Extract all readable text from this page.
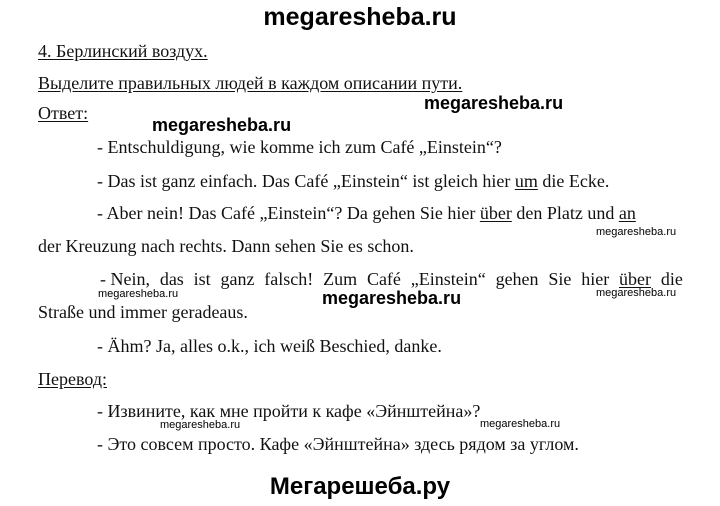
megaresheba.ru
4. Берлинский воздух.
Выделите правильных людей в каждом описании пути.
megaresheba.ru
Ответ:
megaresheba.ru
- Entschuldigung, wie komme ich zum Café „Einstein“?
- Das ist ganz einfach. Das Café „Einstein“ ist gleich hier um die Ecke.
- Aber nein! Das Café „Einstein“? Da gehen Sie hier über den Platz und an
megaresheba.ru
der Kreuzung nach rechts. Dann sehen Sie es schon.
- Nein, das ist ganz falsch! Zum Café „Einstein“ gehen Sie hier über die
megaresheba.ru	megaresheba.ru
megaresheba.ru
Straße und immer geradeaus.
- Ähm? Ja, alles o.k., ich weiß Beschied, danke.
Перевод:
- Извините, как мне пройти к кафе «Эйнштейна»?
megaresheba.ru	megaresheba.ru
- Это совсем просто. Кафе «Эйнштейна» здесь рядом за углом.
Мегарешеба.ру
